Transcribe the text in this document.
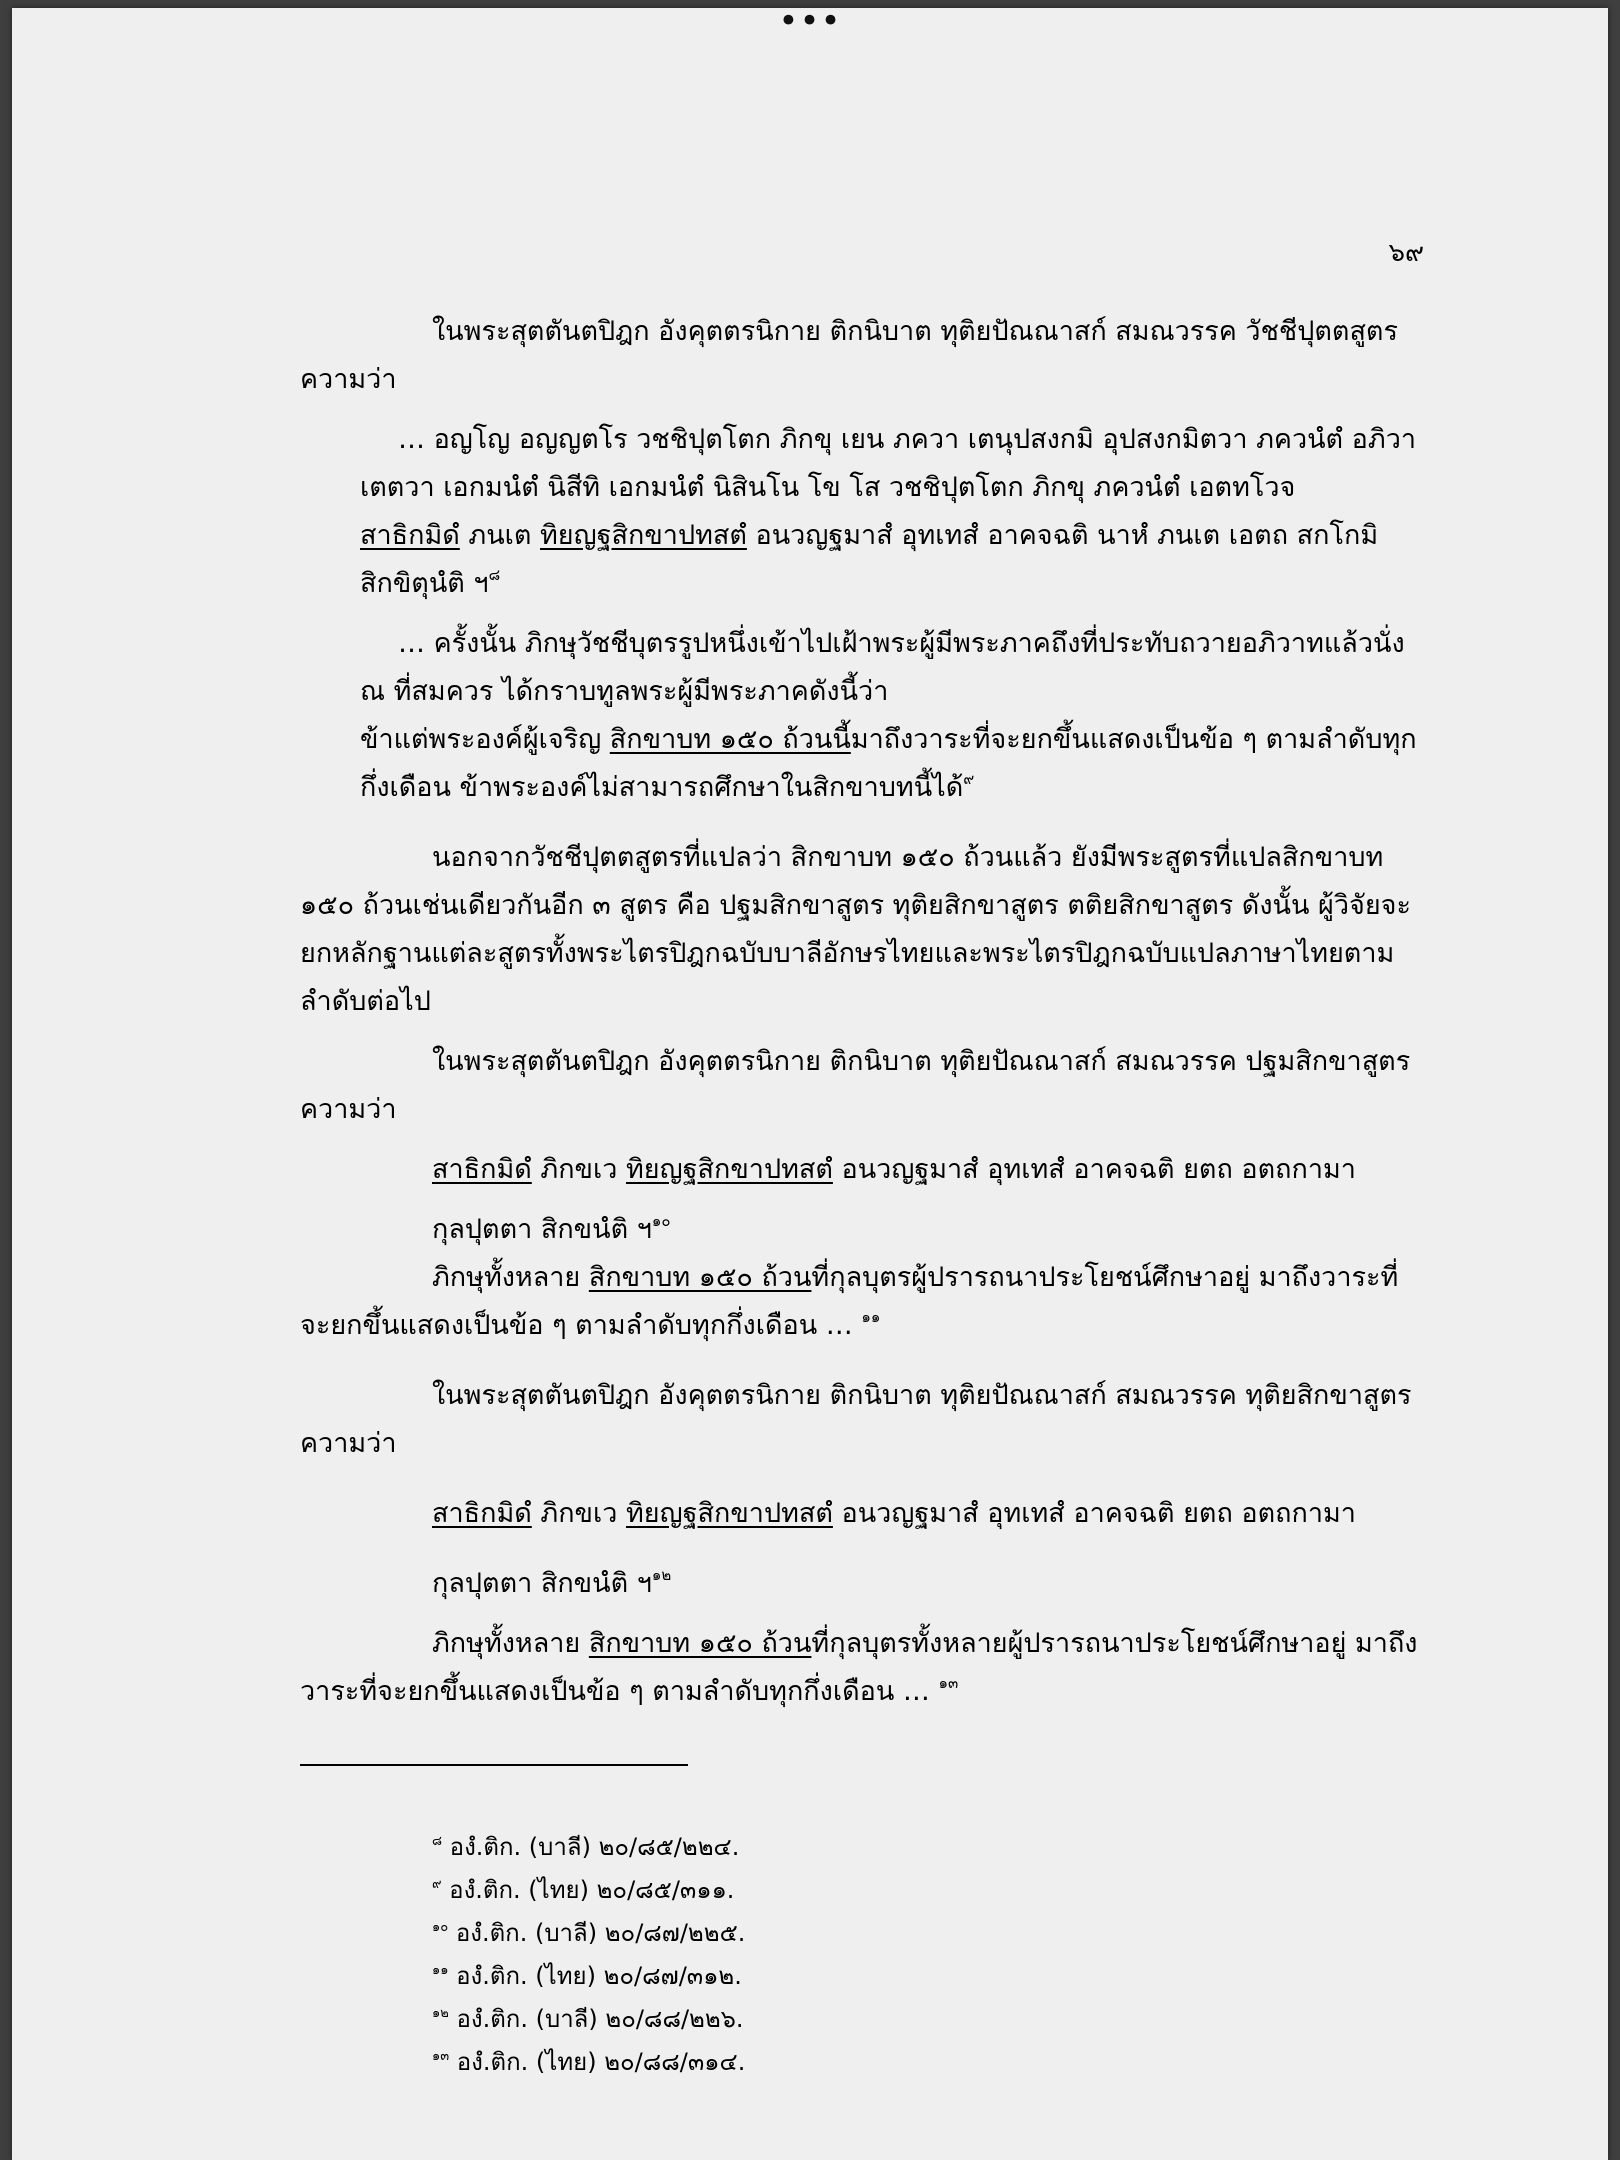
•••
๖๙

ในพระสุตตันตปิฎก อังคุตตรนิกาย ติกนิบาต ทุติยปัณณาสก์ สมณวรรค วัชชีปุตตสูตร ความว่า

… อญโญ อญญตโร วชชิปุตโตก ภิกขุ เยน ภควา เตนุปสงกมิ อุปสงกมิตวา ภควนํตํ อภิวาเตตวา เอกมนํตํ นิสีทิ เอกมนํตํ นิสินโน โข โส วชชิปุตโตก ภิกขุ ภควนํตํ เอตทโวจ
สาธิกมิดํ ภนเต ทิยญฐสิกขาปทสตํ อนวญฐมาสํ อุทเทสํ อาคจฉติ นาหํ ภนเต เอตถ สกโกมิ สิกขิตุนํติ ฯ$^๘$

… ครั้งนั้น ภิกษุวัชชีบุตรรูปหนึ่งเข้าไปเฝ้าพระผู้มีพระภาคถึงที่ประทับถวายอภิวาทแล้วนั่ง ณ ที่สมควร ได้กราบทูลพระผู้มีพระภาคดังนี้ว่า
ข้าแต่พระองค์ผู้เจริญ สิกขาบท ๑๕๐ ถ้วนนี้มาถึงวาระที่จะยกขึ้นแสดงเป็นข้อ ๆ ตามลำดับทุกกึ่งเดือน ข้าพระองค์ไม่สามารถศึกษาในสิกขาบทนี้ได้$^๙$

นอกจากวัชชีปุตตสูตรที่แปลว่า สิกขาบท ๑๕๐ ถ้วนแล้ว ยังมีพระสูตรที่แปลสิกขาบท ๑๕๐ ถ้วนเช่นเดียวกันอีก ๓ สูตร คือ ปฐมสิกขาสูตร ทุติยสิกขาสูตร ตติยสิกขาสูตร ดังนั้น ผู้วิจัยจะยกหลักฐานแต่ละสูตรทั้งพระไตรปิฎกฉบับบาลีอักษรไทยและพระไตรปิฎกฉบับแปลภาษาไทยตามลำดับต่อไป

ในพระสุตตันตปิฎก อังคุตตรนิกาย ติกนิบาต ทุติยปัณณาสก์ สมณวรรค ปฐมสิกขาสูตร ความว่า

สาธิกมิดํ ภิกขเว ทิยญฐสิกขาปทสตํ อนวญฐมาสํ อุทเทสํ อาคจฉติ ยตถ อตถกามา

กุลปุตตา สิกขนํติ ฯ$^{๑๐}$

ภิกษุทั้งหลาย สิกขาบท ๑๕๐ ถ้วนที่กุลบุตรผู้ปรารถนาประโยชน์ศึกษาอยู่ มาถึงวาระที่จะยกขึ้นแสดงเป็นข้อ ๆ ตามลำดับทุกกึ่งเดือน … $^{๑๑}$

ในพระสุตตันตปิฎก อังคุตตรนิกาย ติกนิบาต ทุติยปัณณาสก์ สมณวรรค ทุติยสิกขาสูตร ความว่า

สาธิกมิดํ ภิกขเว ทิยญฐสิกขาปทสตํ อนวญฐมาสํ อุทเทสํ อาคจฉติ ยตถ อตถกามา

กุลปุตตา สิกขนํติ ฯ$^{๑๒}$

ภิกษุทั้งหลาย สิกขาบท ๑๕๐ ถ้วนที่กุลบุตรทั้งหลายผู้ปรารถนาประโยชน์ศึกษาอยู่ มาถึงวาระที่จะยกขึ้นแสดงเป็นข้อ ๆ ตามลำดับทุกกึ่งเดือน … $^{๑๓}$

$^๘$ องํ.ติก. (บาลี) ๒๐/๘๕/๒๒๔.
$^๙$ องํ.ติก. (ไทย) ๒๐/๘๕/๓๑๑.
$^{๑๐}$ องํ.ติก. (บาลี) ๒๐/๘๗/๒๒๕.
$^{๑๑}$ องํ.ติก. (ไทย) ๒๐/๘๗/๓๑๒.
$^{๑๒}$ องํ.ติก. (บาลี) ๒๐/๘๘/๒๒๖.
$^{๑๓}$ องํ.ติก. (ไทย) ๒๐/๘๘/๓๑๔.
